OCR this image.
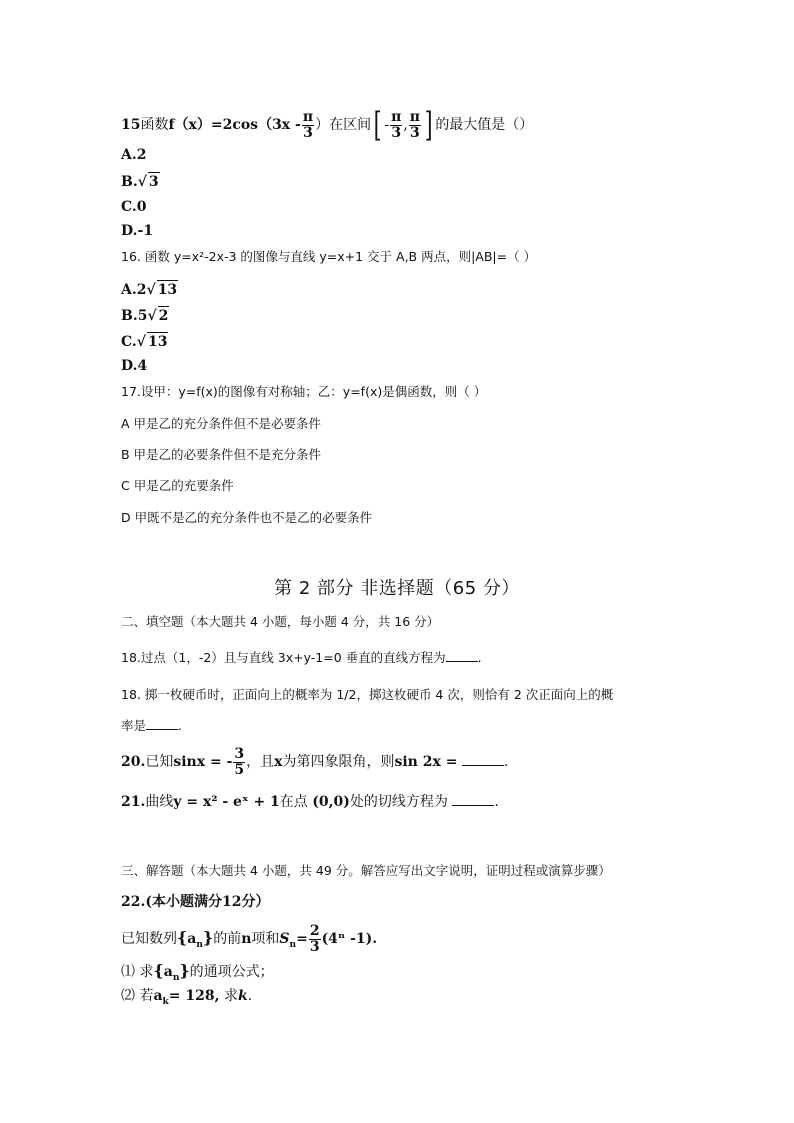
15函数$f(x)=2\cos(3x - \frac{\pi}{3}$ ）在区间[ - $\frac{\pi}{3}$ , $\frac{\pi}{3}$ ] 的最大值是（）
A.2
B.√ 3
C.0
D.-1
16. 函数 y=x²-2x-3 的图像与直线 y=x+1 交于 A,B 两点，则|AB|=（ ）
A.2√ 13
B.5√ 2
C.√ 13
D.4
17.设甲：y=f(x)的图像有对称轴；乙：y=f(x)是偶函数，则（ ）
A 甲是乙的充分条件但不是必要条件
B 甲是乙的必要条件但不是充分条件
C 甲是乙的充要条件
D 甲既不是乙的充分条件也不是乙的必要条件
第 2 部分 非选择题（65 分）
二、填空题（本大题共 4 小题，每小题 4 分，共 16 分）
18.过点（1，-2）且与直线 3x+y-1=0 垂直的直线方程为	.
18. 掷一枚硬币时，正面向上的概率为 1/2，掷这枚硬币 4 次，则恰有 2 次正面向上的概
率是	.
20.已知sinx = - $\frac{3}{5}$ ，且x为第四象限角，则sin 2x =	.
21.曲线y = x² - eˣ + 1在点 (0,0)处的切线方程为	.
三、解答题（本大题共 4 小题，共 49 分。解答应写出文字说明，证明过程或演算步骤）
22.(本小题满分12分）
已知数列$\{a_n\}$的前n项和$S_n= \frac{2}{3} (4^n$ -1).
⑴ 求$\{a_n\}$的通项公式；
⑵ 若$a_k= 128$, 求k.
